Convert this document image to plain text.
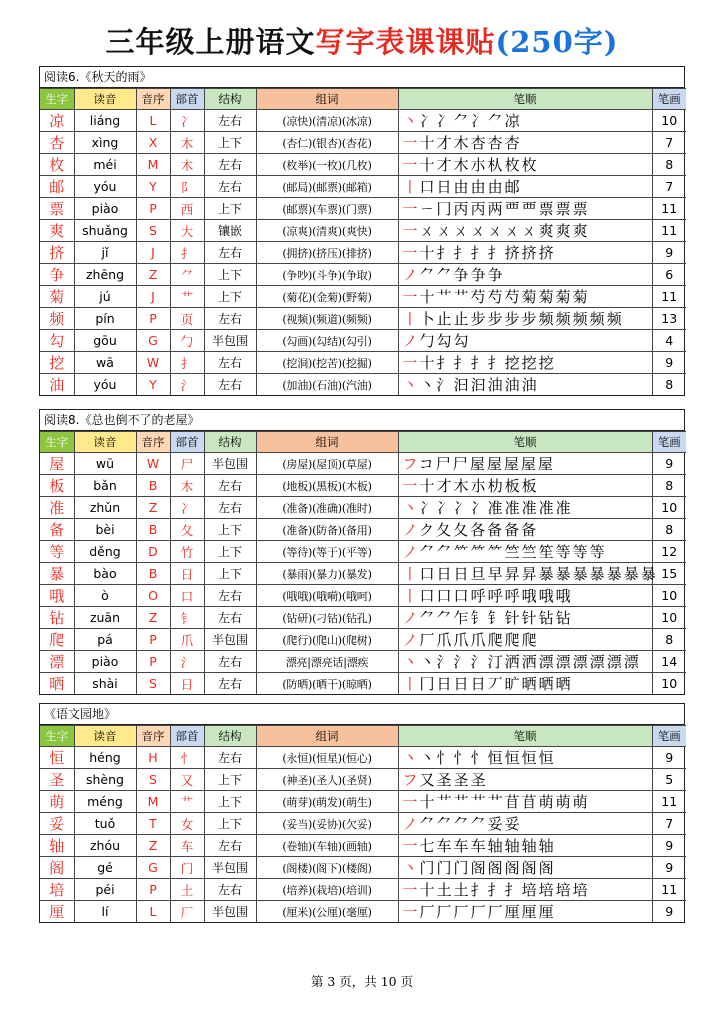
三年级上册语文写字表课课贴(250字)
阅读6.《秋天的雨》
生字	读音	音序	部首	结构	组词	笔顺	笔画
凉	liáng	L	冫	左右	(凉快)(清凉)(冰凉)	丶冫冫⺈冫⺈凉	10
杏	xìng	X	木	上下	(杏仁)(银杏)(杏花)	一十才木杏杏杏	7
枚	méi	M	木	左右	(枚举)(一枚)(几枚)	一十才木朩朲枚枚	8
邮	yóu	Y	阝	左右	(邮局)(邮票)(邮箱)	丨口日由由由邮	7
票	piào	P	西	上下	(邮票)(车票)(门票)	一ㄧ冂丙丙两覀覀票票票	11
爽	shuǎng	S	大	镶嵌	(凉爽)(清爽)(爽快)	一ㄨㄨㄨㄨㄨㄨㄨ爽爽爽	11
挤	jǐ	J	扌	左右	(拥挤)(挤压)(排挤)	一十扌扌扌扌挤挤挤	9
争	zhēng	Z	⺈	上下	(争吵)(斗争)(争取)	ノ⺈⺈争争争	6
菊	jú	J	艹	上下	(菊花)(金菊)(野菊)	一十艹艹芍芍芍菊菊菊菊	11
频	pín	P	页	左右	(视频)(频道)(频频)	丨卜止止步步步步频频频频频	13
勾	gōu	G	勹	半包围	(勾画)(勾结)(勾引)	ノ勹勾勾	4
挖	wā	W	扌	左右	(挖洞)(挖苦)(挖掘)	一十扌扌扌扌挖挖挖	9
油	yóu	Y	氵	左右	(加油)(石油)(汽油)	丶丶氵汩汩油油油	8
阅读8.《总也倒不了的老屋》
生字	读音	音序	部首	结构	组词	笔顺	笔画
屋	wū	W	尸	半包围	(房屋)(屋顶)(草屋)	フコ尸尸屋屋屋屋屋	9
板	bǎn	B	木	左右	(地板)(黑板)(木板)	一十才木朩朸板板	8
准	zhǔn	Z	冫	左右	(准备)(准确)(准时)	丶冫冫冫冫准准准准准	10
备	bèi	B	夂	上下	(准备)(防备)(备用)	ノク夂夂各备备备	8
等	děng	D	竹	上下	(等待)(等于)(平等)	ノ⺈⺈⺮⺮⺮竺竺笙等等等	12
暴	bào	B	日	上下	(暴雨)(暴力)(暴发)	丨口日日旦早昇昇暴暴暴暴暴暴暴	15
哦	ò	O	口	左右	(哦哦)(哦嗬)(哦呵)	丨口口口呼呼呼哦哦哦	10
钻	zuān	Z	钅	左右	(钻研)(刁钻)(钻孔)	ノ⺈⺈乍钅钅针针钻钻	10
爬	pá	P	爪	半包围	(爬行)(爬山)(爬树)	ノ厂爪爪爪爬爬爬	8
漂	piào	P	氵	左右	漂亮|漂亮话|漂疾	丶丶氵氵氵汀洒洒漂漂漂漂漂漂	14
晒	shài	S	日	左右	(防晒)(晒干)(晾晒)	丨冂日日日丆旷晒晒晒	10
《语文园地》
生字	读音	音序	部首	结构	组词	笔顺	笔画
恒	héng	H	忄	左右	(永恒)(恒星)(恒心)	丶丶忄忄忄恒恒恒恒	9
圣	shèng	S	又	上下	(神圣)(圣人)(圣贤)	フ又圣圣圣	5
萌	méng	M	艹	上下	(萌芽)(萌发)(萌生)	一十艹艹艹艹苜苜萌萌萌	11
妥	tuǒ	T	女	上下	(妥当)(妥协)(欠妥)	ノ⺈⺈⺈⺈妥妥	7
轴	zhóu	Z	车	左右	(卷轴)(车轴)(画轴)	一七车车车轴轴轴轴	9
阁	gé	G	门	半包围	(阁楼)(阁下)(楼阁)	丶门门门阁阁阁阁阁	9
培	péi	P	土	左右	(培养)(栽培)(培训)	一十土土扌扌扌培培培培	11
厘	lí	L	厂	半包围	(厘米)(公厘)(毫厘)	一厂厂厂厂厂厘厘厘	9
第 3 页，共 10 页
